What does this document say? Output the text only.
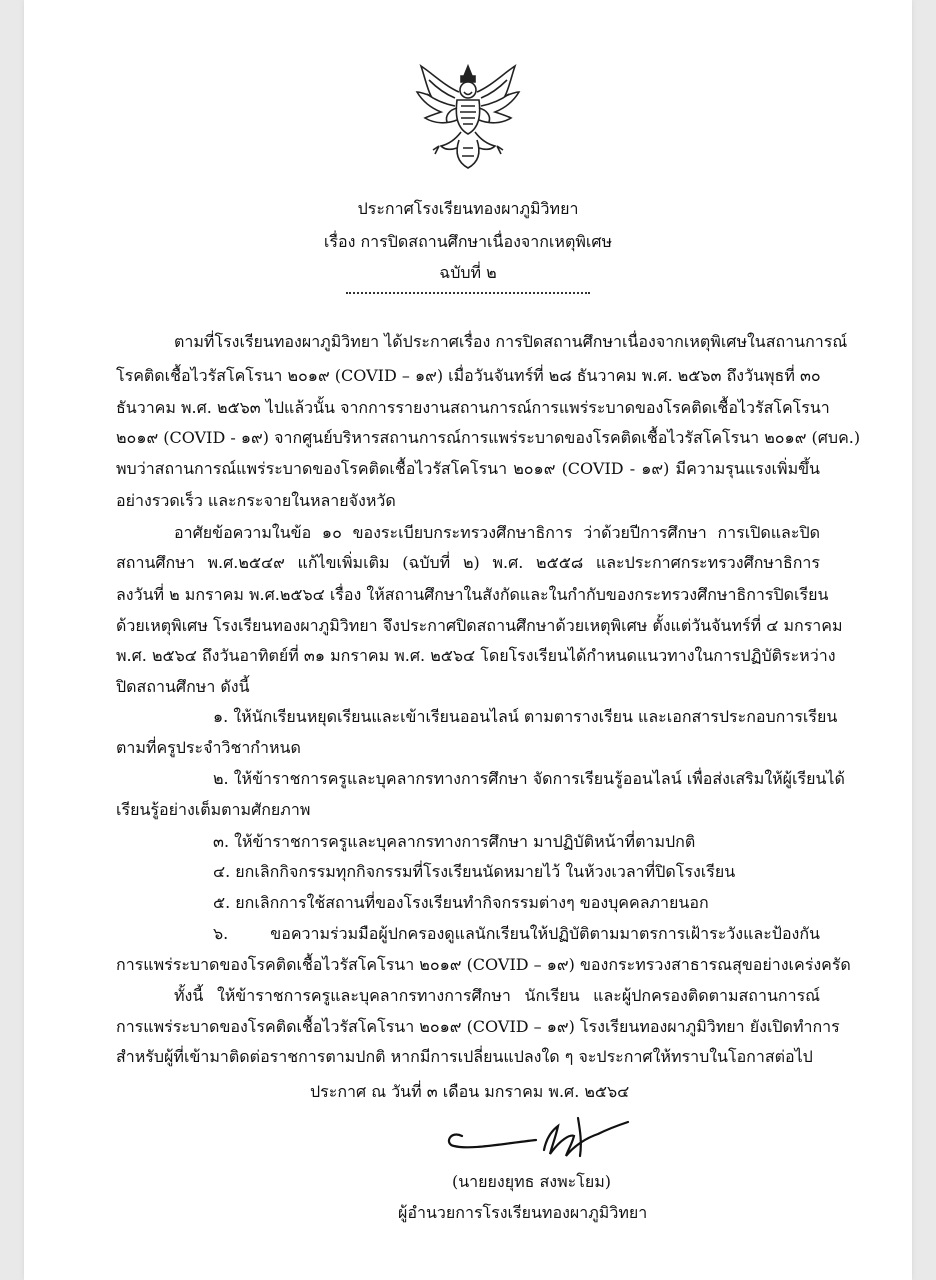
ประกาศโรงเรียนทองผาภูมิวิทยา
เรื่อง การปิดสถานศึกษาเนื่องจากเหตุพิเศษ
ฉบับที่ ๒
ตามที่โรงเรียนทองผาภูมิวิทยา ได้ประกาศเรื่อง การปิดสถานศึกษาเนื่องจากเหตุพิเศษในสถานการณ์
โรคติดเชื้อไวรัสโคโรนา ๒๐๑๙ (COVID – ๑๙) เมื่อวันจันทร์ที่ ๒๘ ธันวาคม พ.ศ. ๒๕๖๓ ถึงวันพุธที่ ๓๐
ธันวาคม พ.ศ. ๒๕๖๓ ไปแล้วนั้น จากการรายงานสถานการณ์การแพร่ระบาดของโรคติดเชื้อไวรัสโคโรนา
๒๐๑๙ (COVID - ๑๙) จากศูนย์บริหารสถานการณ์การแพร่ระบาดของโรคติดเชื้อไวรัสโคโรนา ๒๐๑๙ (ศบค.)
พบว่าสถานการณ์แพร่ระบาดของโรคติดเชื้อไวรัสโคโรนา ๒๐๑๙ (COVID - ๑๙) มีความรุนแรงเพิ่มขึ้น
อย่างรวดเร็ว และกระจายในหลายจังหวัด
อาศัยข้อความในข้อ ๑๐ ของระเบียบกระทรวงศึกษาธิการ ว่าด้วยปีการศึกษา การเปิดและปิด
สถานศึกษา พ.ศ.๒๕๔๙ แก้ไขเพิ่มเติม (ฉบับที่ ๒) พ.ศ. ๒๕๕๘ และประกาศกระทรวงศึกษาธิการ
ลงวันที่ ๒ มกราคม พ.ศ.๒๕๖๔ เรื่อง ให้สถานศึกษาในสังกัดและในกำกับของกระทรวงศึกษาธิการปิดเรียน
ด้วยเหตุพิเศษ โรงเรียนทองผาภูมิวิทยา จึงประกาศปิดสถานศึกษาด้วยเหตุพิเศษ ตั้งแต่วันจันทร์ที่ ๔ มกราคม
พ.ศ. ๒๕๖๔ ถึงวันอาทิตย์ที่ ๓๑ มกราคม พ.ศ. ๒๕๖๔ โดยโรงเรียนได้กำหนดแนวทางในการปฏิบัติระหว่าง
ปิดสถานศึกษา ดังนี้
๑. ให้นักเรียนหยุดเรียนและเข้าเรียนออนไลน์ ตามตารางเรียน และเอกสารประกอบการเรียน
ตามที่ครูประจำวิชากำหนด
๒. ให้ข้าราชการครูและบุคลากรทางการศึกษา จัดการเรียนรู้ออนไลน์ เพื่อส่งเสริมให้ผู้เรียนได้
เรียนรู้อย่างเต็มตามศักยภาพ
๓. ให้ข้าราชการครูและบุคลากรทางการศึกษา มาปฏิบัติหน้าที่ตามปกติ
๔. ยกเลิกกิจกรรมทุกกิจกรรมที่โรงเรียนนัดหมายไว้ ในห้วงเวลาที่ปิดโรงเรียน
๕. ยกเลิกการใช้สถานที่ของโรงเรียนทำกิจกรรมต่างๆ ของบุคคลภายนอก
๖. ขอความร่วมมือผู้ปกครองดูแลนักเรียนให้ปฏิบัติตามมาตรการเฝ้าระวังและป้องกัน
การแพร่ระบาดของโรคติดเชื้อไวรัสโคโรนา ๒๐๑๙ (COVID – ๑๙) ของกระทรวงสาธารณสุขอย่างเคร่งครัด
ทั้งนี้ ให้ข้าราชการครูและบุคลากรทางการศึกษา นักเรียน และผู้ปกครองติดตามสถานการณ์
การแพร่ระบาดของโรคติดเชื้อไวรัสโคโรนา ๒๐๑๙ (COVID – ๑๙) โรงเรียนทองผาภูมิวิทยา ยังเปิดทำการ
สำหรับผู้ที่เข้ามาติดต่อราชการตามปกติ หากมีการเปลี่ยนแปลงใด ๆ จะประกาศให้ทราบในโอกาสต่อไป
ประกาศ ณ วันที่ ๓ เดือน มกราคม พ.ศ. ๒๕๖๔
(นายยงยุทธ สงพะโยม)
ผู้อำนวยการโรงเรียนทองผาภูมิวิทยา
